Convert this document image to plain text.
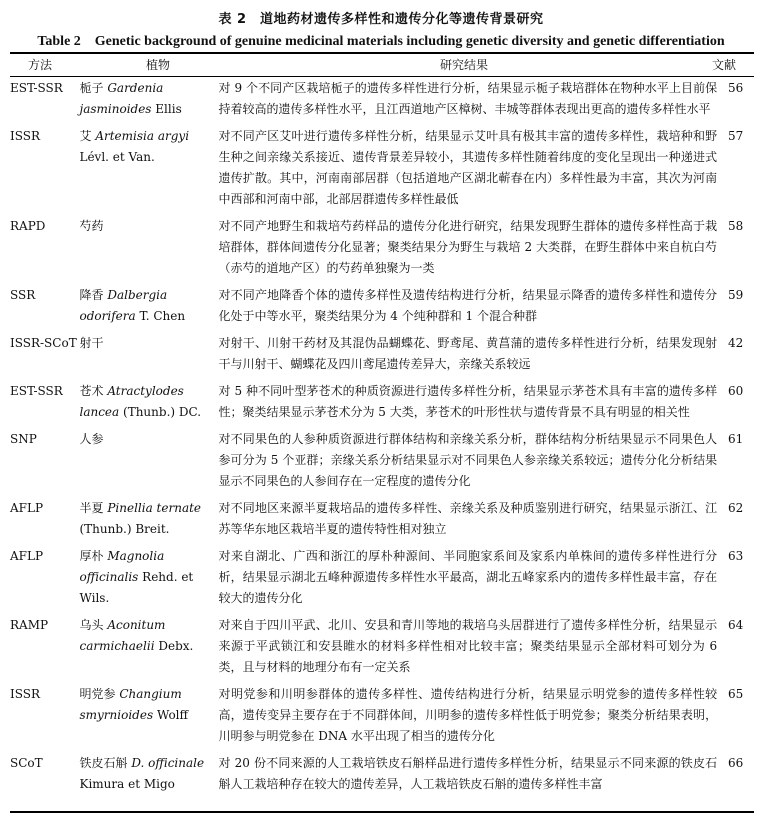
表 2　道地药材遗传多样性和遗传分化等遗传背景研究
Table 2　Genetic background of genuine medicinal materials including genetic diversity and genetic differentiation
方法	植物	研究结果	文献
EST-SSR	栀子 Gardenia jasminoides Ellis	对 9 个不同产区栽培栀子的遗传多样性进行分析，结果显示栀子栽培群体在物种水平上目前保持着较高的遗传多样性水平，且江西道地产区樟树、丰城等群体表现出更高的遗传多样性水平	56
ISSR	艾 Artemisia argyi Lévl. et Van.	对不同产区艾叶进行遗传多样性分析，结果显示艾叶具有极其丰富的遗传多样性，栽培种和野生种之间亲缘关系接近、遗传背景差异较小，其遗传多样性随着纬度的变化呈现出一种递进式遗传扩散。其中，河南南部居群（包括道地产区湖北蕲春在内）多样性最为丰富，其次为河南中西部和河南中部，北部居群遗传多样性最低	57
RAPD	芍药	对不同产地野生和栽培芍药样品的遗传分化进行研究，结果发现野生群体的遗传多样性高于栽培群体，群体间遗传分化显著；聚类结果分为野生与栽培 2 大类群，在野生群体中来自杭白芍（赤芍的道地产区）的芍药单独聚为一类	58
SSR	降香 Dalbergia odorifera T. Chen	对不同产地降香个体的遗传多样性及遗传结构进行分析，结果显示降香的遗传多样性和遗传分化处于中等水平，聚类结果分为 4 个纯种群和 1 个混合种群	59
ISSR-SCoT	射干	对射干、川射干药材及其混伪品蝴蝶花、野鸢尾、黄菖蒲的遗传多样性进行分析，结果发现射干与川射干、蝴蝶花及四川鸢尾遗传差异大，亲缘关系较远	42
EST-SSR	苍术 Atractylodes lancea (Thunb.) DC.	对 5 种不同叶型茅苍术的种质资源进行遗传多样性分析，结果显示茅苍术具有丰富的遗传多样性；聚类结果显示茅苍术分为 5 大类，茅苍术的叶形性状与遗传背景不具有明显的相关性	60
SNP	人参	对不同果色的人参种质资源进行群体结构和亲缘关系分析，群体结构分析结果显示不同果色人参可分为 5 个亚群；亲缘关系分析结果显示对不同果色人参亲缘关系较远；遗传分化分析结果显示不同果色的人参间存在一定程度的遗传分化	61
AFLP	半夏 Pinellia ternate (Thunb.) Breit.	对不同地区来源半夏栽培品的遗传多样性、亲缘关系及种质鉴别进行研究，结果显示浙江、江苏等华东地区栽培半夏的遗传特性相对独立	62
AFLP	厚朴 Magnolia officinalis Rehd. et Wils.	对来自湖北、广西和浙江的厚朴种源间、半同胞家系间及家系内单株间的遗传多样性进行分析，结果显示湖北五峰种源遗传多样性水平最高，湖北五峰家系内的遗传多样性最丰富，存在较大的遗传分化	63
RAMP	乌头 Aconitum carmichaelii Debx.	对来自于四川平武、北川、安县和青川等地的栽培乌头居群进行了遗传多样性分析，结果显示来源于平武锁江和安县睢水的材料多样性相对比较丰富；聚类结果显示全部材料可划分为 6 类，且与材料的地理分布有一定关系	64
ISSR	明党参 Changium smyrnioides Wolff	对明党参和川明参群体的遗传多样性、遗传结构进行分析，结果显示明党参的遗传多样性较高，遗传变异主要存在于不同群体间，川明参的遗传多样性低于明党参；聚类分析结果表明，川明参与明党参在 DNA 水平出现了相当的遗传分化	65
SCoT	铁皮石斛 D. officinale Kimura et Migo	对 20 份不同来源的人工栽培铁皮石斛样品进行遗传多样性分析，结果显示不同来源的铁皮石斛人工栽培种存在较大的遗传差异，人工栽培铁皮石斛的遗传多样性丰富	66
